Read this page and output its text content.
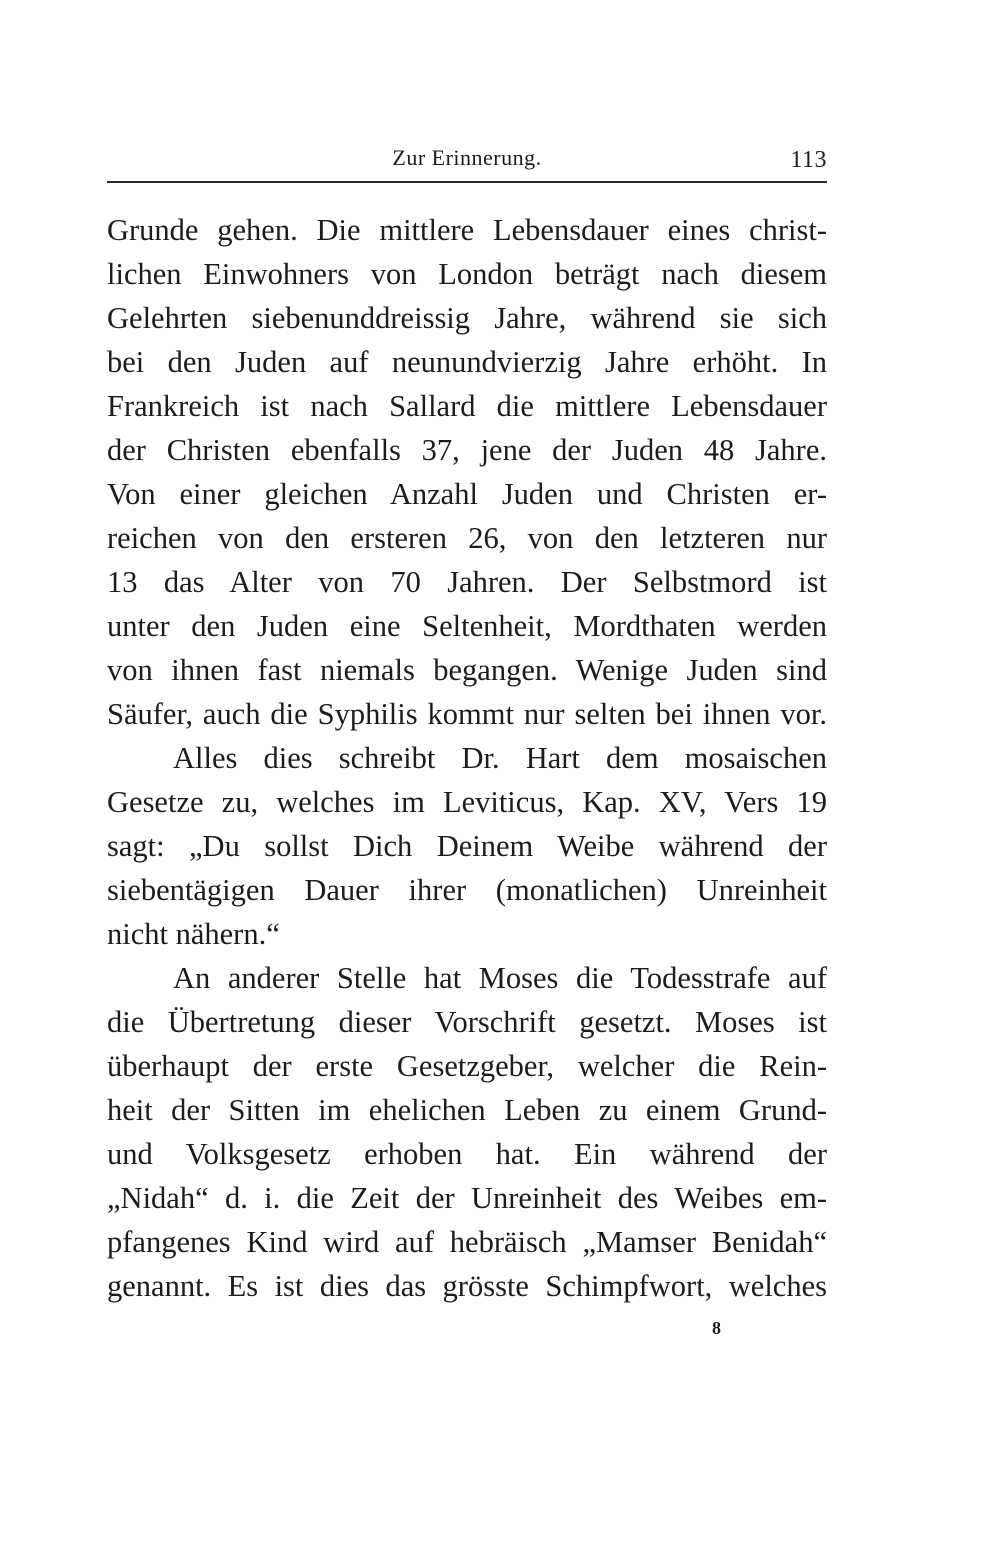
Zur Erinnerung.	113
Grunde gehen. Die mittlere Lebensdauer eines christ-
lichen Einwohners von London beträgt nach diesem
Gelehrten siebenunddreissig Jahre, während sie sich
bei den Juden auf neunundvierzig Jahre erhöht. In
Frankreich ist nach Sallard die mittlere Lebensdauer
der Christen ebenfalls 37, jene der Juden 48 Jahre.
Von einer gleichen Anzahl Juden und Christen er-
reichen von den ersteren 26, von den letzteren nur
13 das Alter von 70 Jahren. Der Selbstmord ist
unter den Juden eine Seltenheit, Mordthaten werden
von ihnen fast niemals begangen. Wenige Juden sind
Säufer, auch die Syphilis kommt nur selten bei ihnen vor.
Alles dies schreibt Dr. Hart dem mosaischen
Gesetze zu, welches im Leviticus, Kap. XV, Vers 19
sagt: „Du sollst Dich Deinem Weibe während der
siebentägigen Dauer ihrer (monatlichen) Unreinheit
nicht nähern.“
An anderer Stelle hat Moses die Todesstrafe auf
die Übertretung dieser Vorschrift gesetzt. Moses ist
überhaupt der erste Gesetzgeber, welcher die Rein-
heit der Sitten im ehelichen Leben zu einem Grund-
und Volksgesetz erhoben hat. Ein während der
„Nidah“ d. i. die Zeit der Unreinheit des Weibes em-
pfangenes Kind wird auf hebräisch „Mamser Benidah“
genannt. Es ist dies das grösste Schimpfwort, welches
8
